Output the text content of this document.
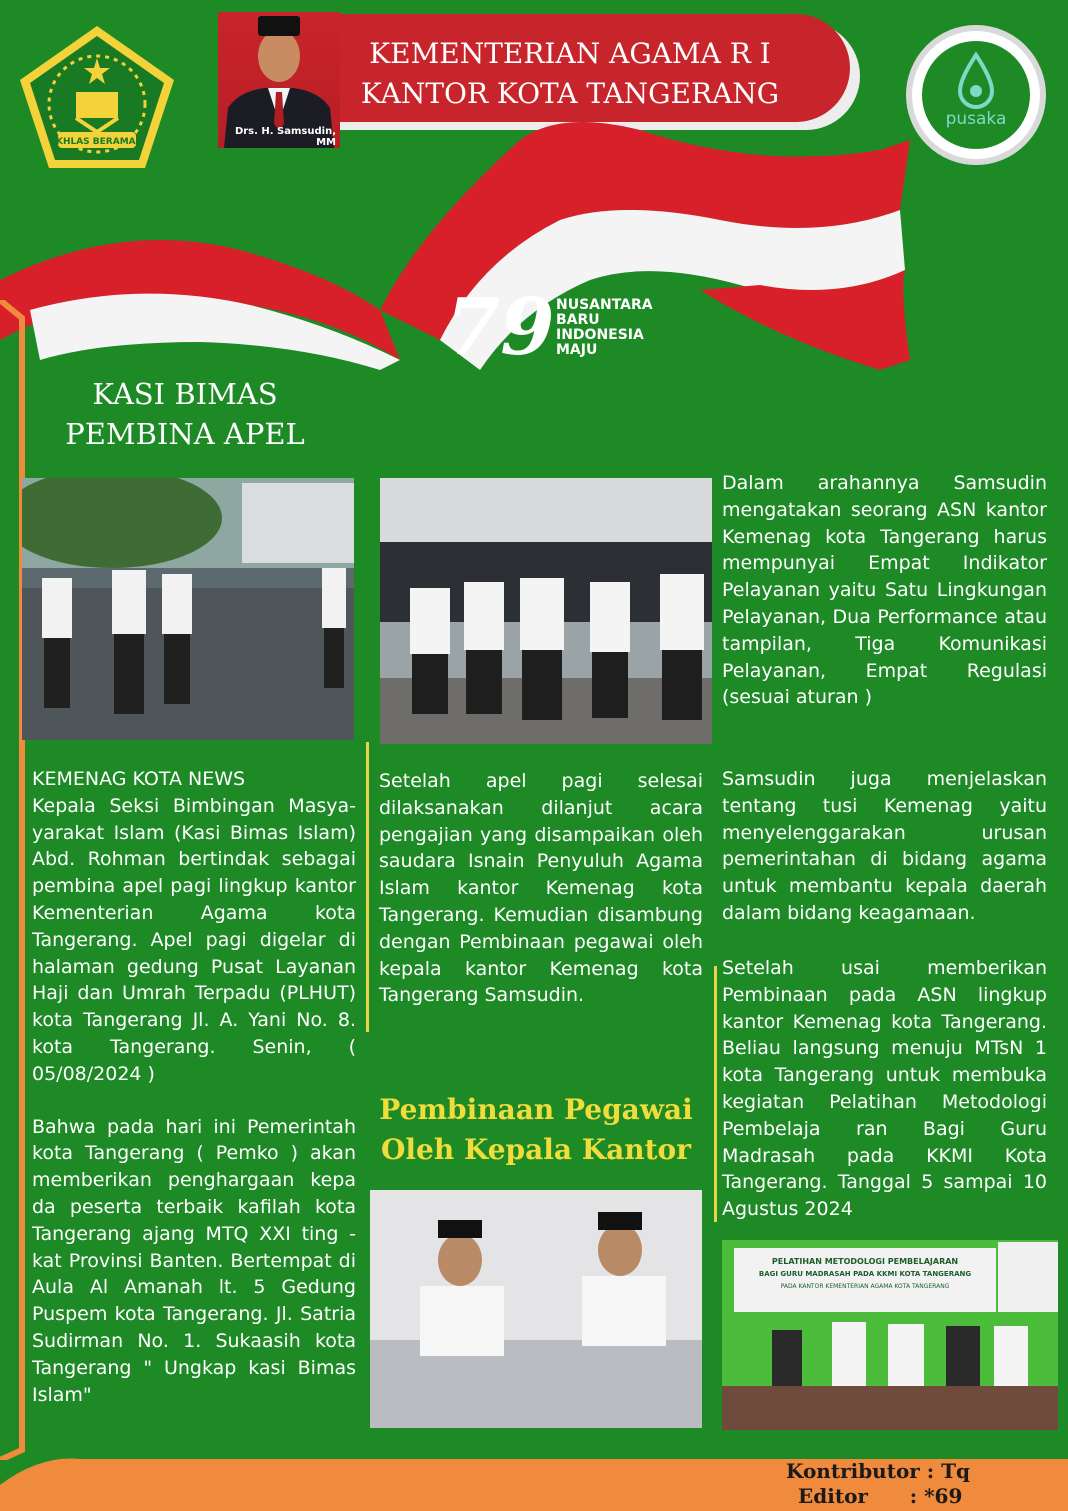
IKHLAS BERAMAL
Drs. H. Samsudin, MM
KEMENTERIAN AGAMA R I
KANTOR KOTA TANGERANG
pusaka
79 NUSANTARA
BARU
INDONESIA
MAJU
KASI BIMAS
PEMBINA APEL
PELATIHAN METODOLOGI PEMBELAJARAN
BAGI GURU MADRASAH PADA KKMI KOTA TANGERANG
PADA KANTOR KEMENTERIAN AGAMA KOTA TANGERANG

KEMENAG KOTA NEWS

Kepala Seksi Bimbingan Masya-yarakat Islam (Kasi Bimas Islam) Abd. Rohman bertindak sebagai pembina apel pagi lingkup kantor Kementerian Agama kota Tangerang. Apel pagi digelar di halaman gedung Pusat Layanan Haji dan Umrah Terpadu (PLHUT) kota Tangerang Jl. A. Yani No. 8. kota Tangerang. Senin, ( 05/08/2024 )

Bahwa pada hari ini Pemerintah kota Tangerang ( Pemko ) akan memberikan penghargaan kepa da peserta terbaik kafilah kota Tangerang ajang MTQ XXI ting - kat Provinsi Banten. Bertempat di Aula Al Amanah lt. 5 Gedung Puspem kota Tangerang. Jl. Satria Sudirman No. 1. Sukaasih kota Tangerang " Ungkap kasi Bimas Islam"

Setelah apel pagi selesai dilaksanakan dilanjut acara pengajian yang disampaikan oleh saudara Isnain Penyuluh Agama Islam kantor Kemenag kota Tangerang. Kemudian disambung dengan Pembinaan pegawai oleh kepala kantor Kemenag kota Tangerang Samsudin.

Pembinaan Pegawai
Oleh Kepala Kantor

Dalam arahannya Samsudin mengatakan seorang ASN kantor Kemenag kota Tangerang harus mempunyai Empat Indikator Pelayanan yaitu Satu Lingkungan Pelayanan, Dua Performance atau tampilan, Tiga Komunikasi Pelayanan, Empat Regulasi (sesuai aturan )

Samsudin juga menjelaskan tentang tusi Kemenag yaitu menyelenggarakan urusan pemerintahan di bidang agama untuk membantu kepala daerah dalam bidang keagamaan.

Setelah usai memberikan Pembinaan pada ASN lingkup kantor Kemenag kota Tangerang. Beliau langsung menuju MTsN 1 kota Tangerang untuk membuka kegiatan Pelatihan Metodologi Pembelaja ran Bagi Guru Madrasah pada KKMI Kota Tangerang. Tanggal 5 sampai 10 Agustus 2024

Kontributor : Tq
Editor      : *69
